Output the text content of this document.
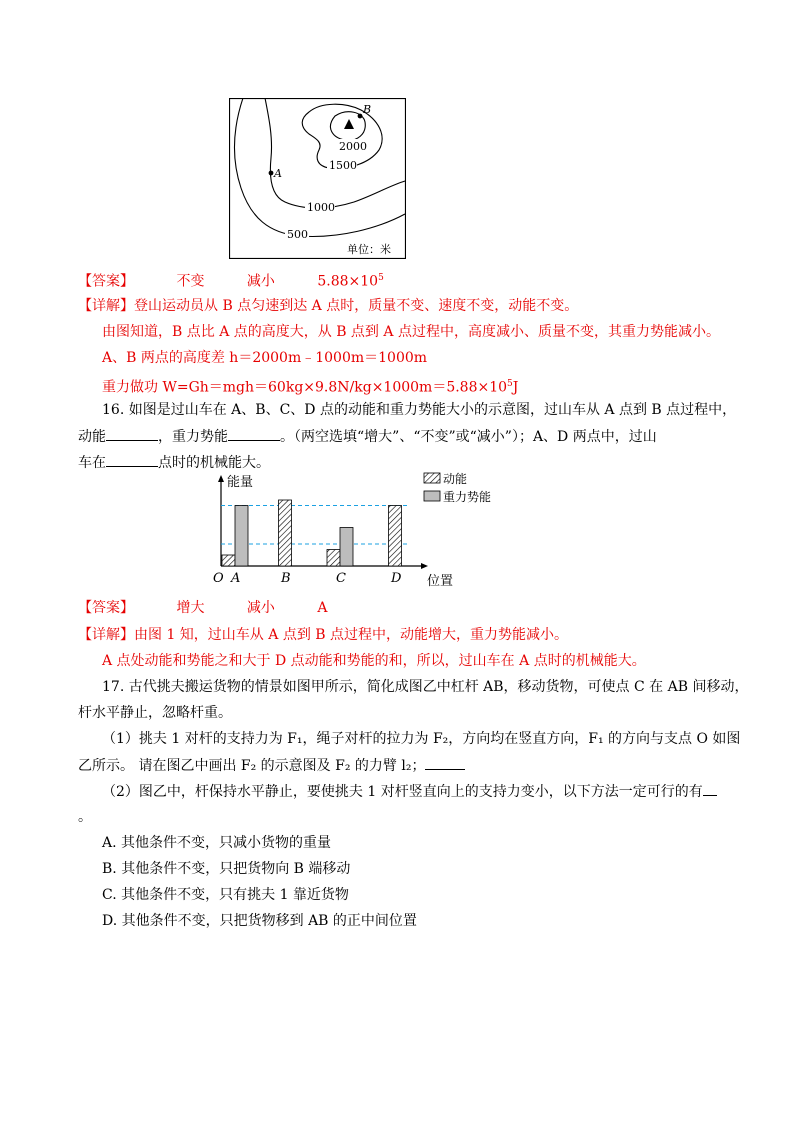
B
A
2000
1500
1000
500
单位：米
【答案】	不变	减小	$5.88\times 10^5$
【详解】登山运动员从 B 点匀速到达 A 点时，质量不变、速度不变，动能不变。
由图知道，B 点比 A 点的高度大，从 B 点到 A 点过程中，高度减小、质量不变，其重力势能减小。
A、B 两点的高度差 h＝2000m﹣1000m＝1000m
重力做功 $W=Gh=mgh=60kg\times 9.8N/kg\times 1000m=5.88\times 10^5J$
16. 如图是过山车在 A、B、C、D 点的动能和重力势能大小的示意图，过山车从 A 点到 B 点过程中，
动能	，重力势能	。（两空选填“增大”、“不变”或“减小”）；A、D 两点中，过山
车在	点时的机械能大。
能量
位置
O
动能
重力势能
A	B	C	D
【答案】	增大	减小	A
【详解】由图 1 知，过山车从 A 点到 B 点过程中，动能增大，重力势能减小。
A 点处动能和势能之和大于 D 点动能和势能的和，所以，过山车在 A 点时的机械能大。
17. 古代挑夫搬运货物的情景如图甲所示，简化成图乙中杠杆 AB，移动货物，可使点 C 在 AB 间移动，
杆水平静止，忽略杆重。
（1）挑夫 1 对杆的支持力为 F₁，绳子对杆的拉力为 F₂，方向均在竖直方向，F₁ 的方向与支点 O 如图
乙所示。 请在图乙中画出 F₂ 的示意图及 F₂ 的力臂 l₂；
（2）图乙中，杆保持水平静止，要使挑夫 1 对杆竖直向上的支持力变小，以下方法一定可行的有
。
A. 其他条件不变，只减小货物的重量
B. 其他条件不变，只把货物向 B 端移动
C. 其他条件不变，只有挑夫 1 靠近货物
D. 其他条件不变，只把货物移到 AB 的正中间位置
